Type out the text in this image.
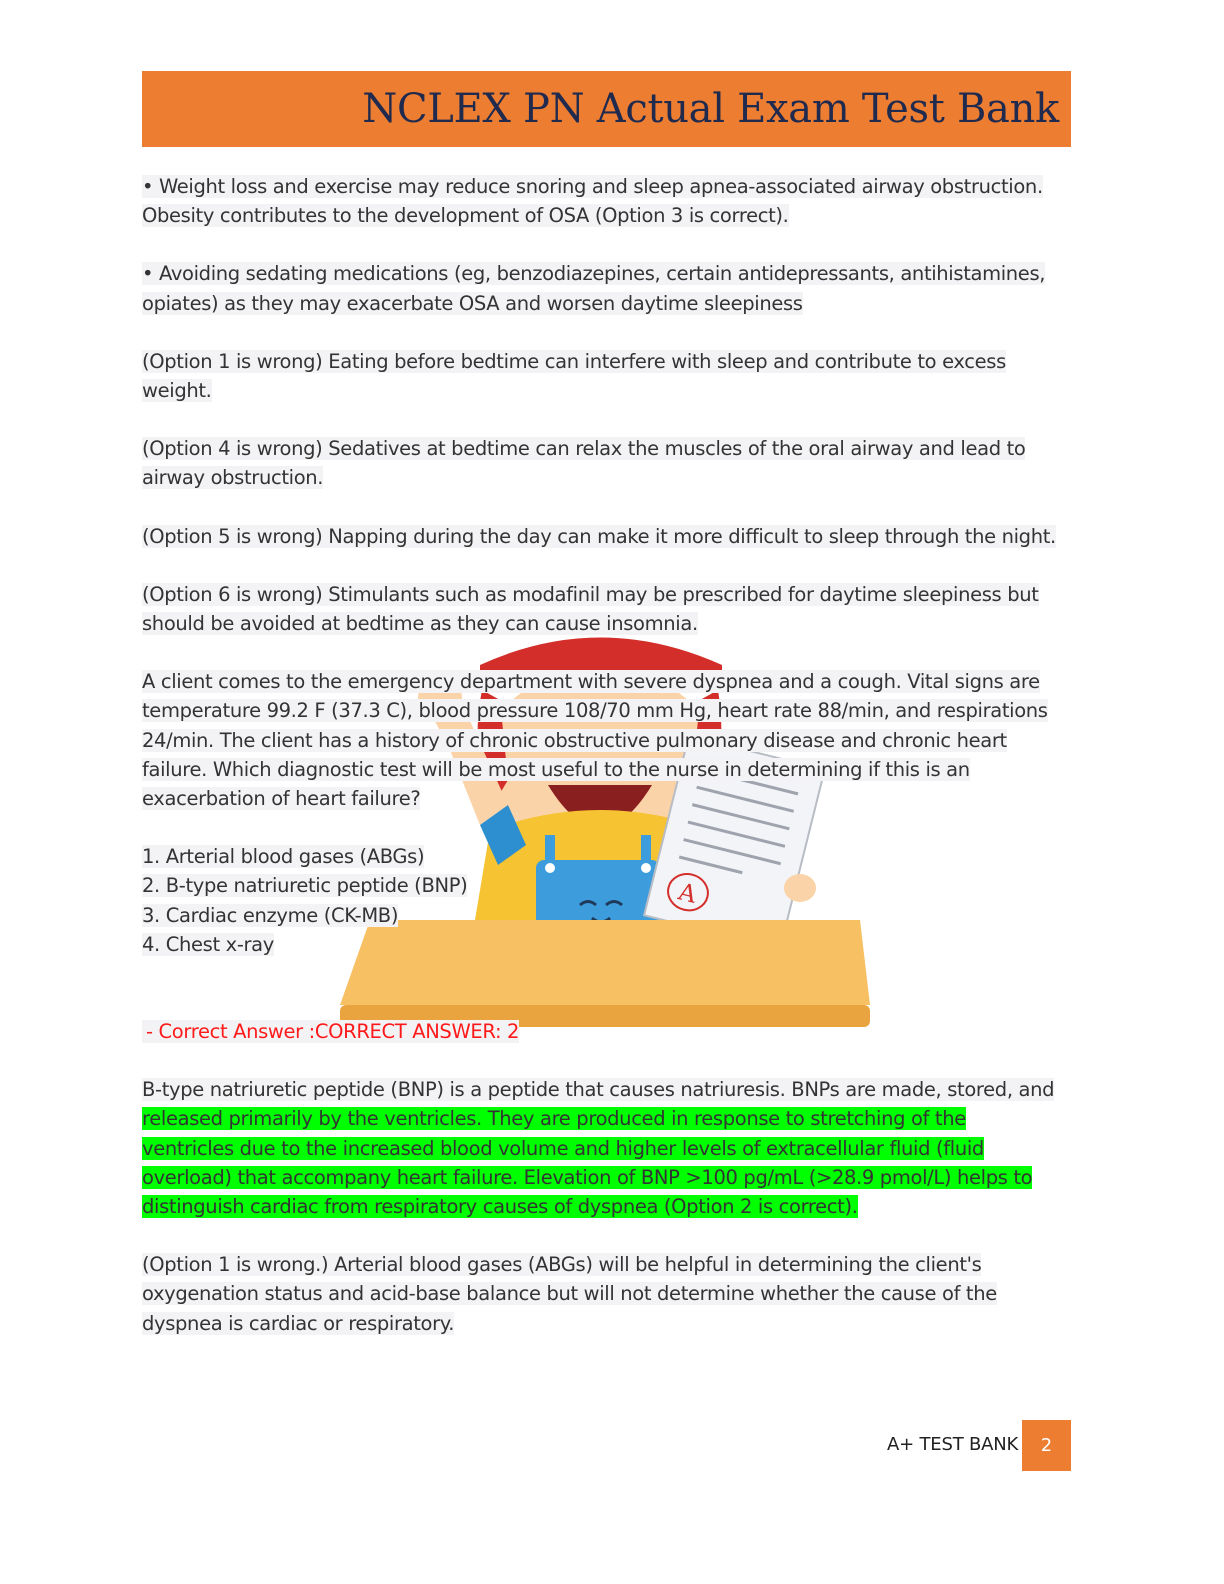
NCLEX PN Actual Exam Test Bank
A
• Weight loss and exercise may reduce snoring and sleep apnea-associated airway obstruction.
Obesity contributes to the development of OSA (Option 3 is correct).
• Avoiding sedating medications (eg, benzodiazepines, certain antidepressants, antihistamines,
opiates) as they may exacerbate OSA and worsen daytime sleepiness
(Option 1 is wrong) Eating before bedtime can interfere with sleep and contribute to excess
weight.
(Option 4 is wrong) Sedatives at bedtime can relax the muscles of the oral airway and lead to
airway obstruction.
(Option 5 is wrong) Napping during the day can make it more difficult to sleep through the night.
(Option 6 is wrong) Stimulants such as modafinil may be prescribed for daytime sleepiness but
should be avoided at bedtime as they can cause insomnia.
A client comes to the emergency department with severe dyspnea and a cough. Vital signs are
temperature 99.2 F (37.3 C), blood pressure 108/70 mm Hg, heart rate 88/min, and respirations
24/min. The client has a history of chronic obstructive pulmonary disease and chronic heart
failure. Which diagnostic test will be most useful to the nurse in determining if this is an
exacerbation of heart failure?
1. Arterial blood gases (ABGs)
2. B-type natriuretic peptide (BNP)
3. Cardiac enzyme (CK-MB)
4. Chest x-ray
- Correct Answer :CORRECT ANSWER: 2
B-type natriuretic peptide (BNP) is a peptide that causes natriuresis. BNPs are made, stored, and
released primarily by the ventricles. They are produced in response to stretching of the
ventricles due to the increased blood volume and higher levels of extracellular fluid (fluid
overload) that accompany heart failure. Elevation of BNP >100 pg/mL (>28.9 pmol/L) helps to
distinguish cardiac from respiratory causes of dyspnea (Option 2 is correct).
(Option 1 is wrong.) Arterial blood gases (ABGs) will be helpful in determining the client's
oxygenation status and acid-base balance but will not determine whether the cause of the
dyspnea is cardiac or respiratory.
A+ TEST BANK	2
